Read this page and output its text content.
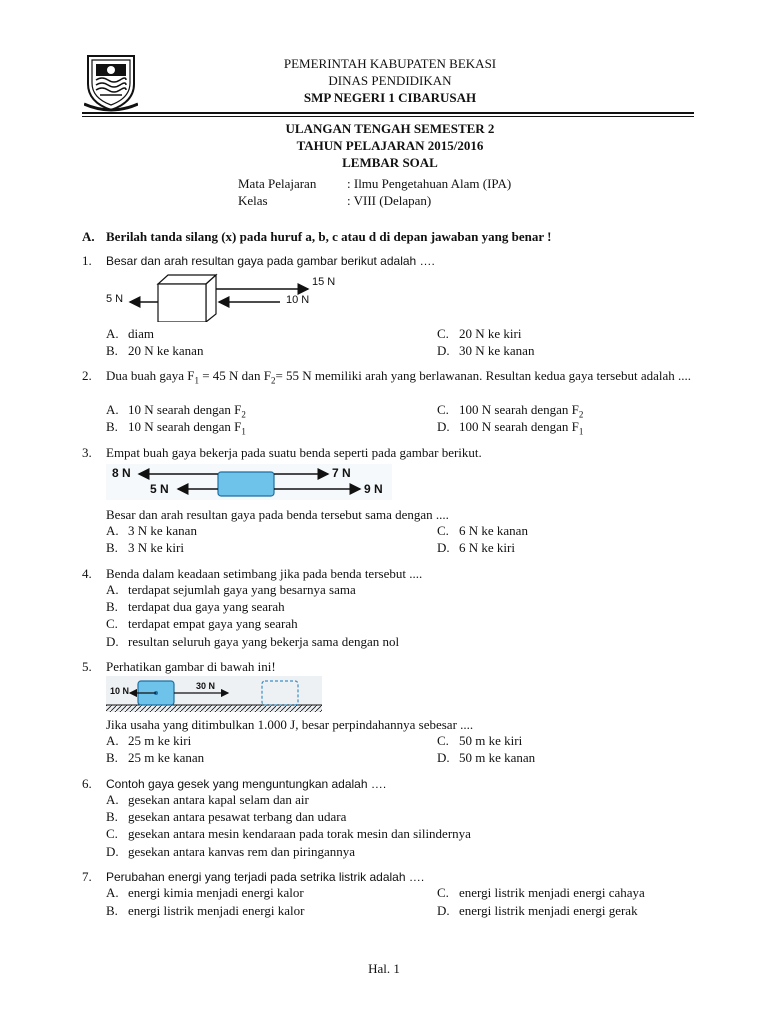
PEMERINTAH KABUPATEN BEKASI
DINAS PENDIDIKAN
SMP NEGERI 1 CIBARUSAH
ULANGAN TENGAH SEMESTER 2
TAHUN PELAJARAN 2015/2016
LEMBAR SOAL
Mata Pelajaran : Ilmu Pengetahuan Alam (IPA)
Kelas	: VIII (Delapan)
A. Berilah tanda silang (x) pada huruf a, b, c atau d di depan jawaban yang benar !
1.	Besar dan arah resultan gaya pada gambar berikut adalah ….
5 N
15 N
10 N
A. diam
B. 20 N ke kanan
C. 20 N ke kiri
D. 30 N ke kanan
2.	Dua buah gaya $F_1 = 45$ N dan $F_2= 55$ N memiliki arah yang berlawanan. Resultan kedua gaya tersebut adalah ....
A. 10 N searah dengan $F_2$
B. 10 N searah dengan $F_1$
C. 100 N searah dengan $F_2$
D. 100 N searah dengan $F_1$
3.	Empat buah gaya bekerja pada suatu benda seperti pada gambar berikut.
8 N
5 N
7 N
9 N
Besar dan arah resultan gaya pada benda tersebut sama dengan ....
A. 3 N ke kanan
B. 3 N ke kiri
C. 6 N ke kanan
D. 6 N ke kiri
4.	Benda dalam keadaan setimbang jika pada benda tersebut ....
A. terdapat sejumlah gaya yang besarnya sama
B. terdapat dua gaya yang searah
C. terdapat empat gaya yang searah
D. resultan seluruh gaya yang bekerja sama dengan nol
5.	Perhatikan gambar di bawah ini!
10 N	30 N
Jika usaha yang ditimbulkan 1.000 J, besar perpindahannya sebesar ....
A. 25 m ke kiri
B. 25 m ke kanan
C. 50 m ke kiri
D. 50 m ke kanan
6.	Contoh gaya gesek yang menguntungkan adalah ….
A. gesekan antara kapal selam dan air
B. gesekan antara pesawat terbang dan udara
C. gesekan antara mesin kendaraan pada torak mesin dan silindernya
D. gesekan antara kanvas rem dan piringannya
7.	Perubahan energi yang terjadi pada setrika listrik adalah ….
A. energi kimia menjadi energi kalor
B. energi listrik menjadi energi kalor
C. energi listrik menjadi energi cahaya
D. energi listrik menjadi energi gerak
Hal. 1
